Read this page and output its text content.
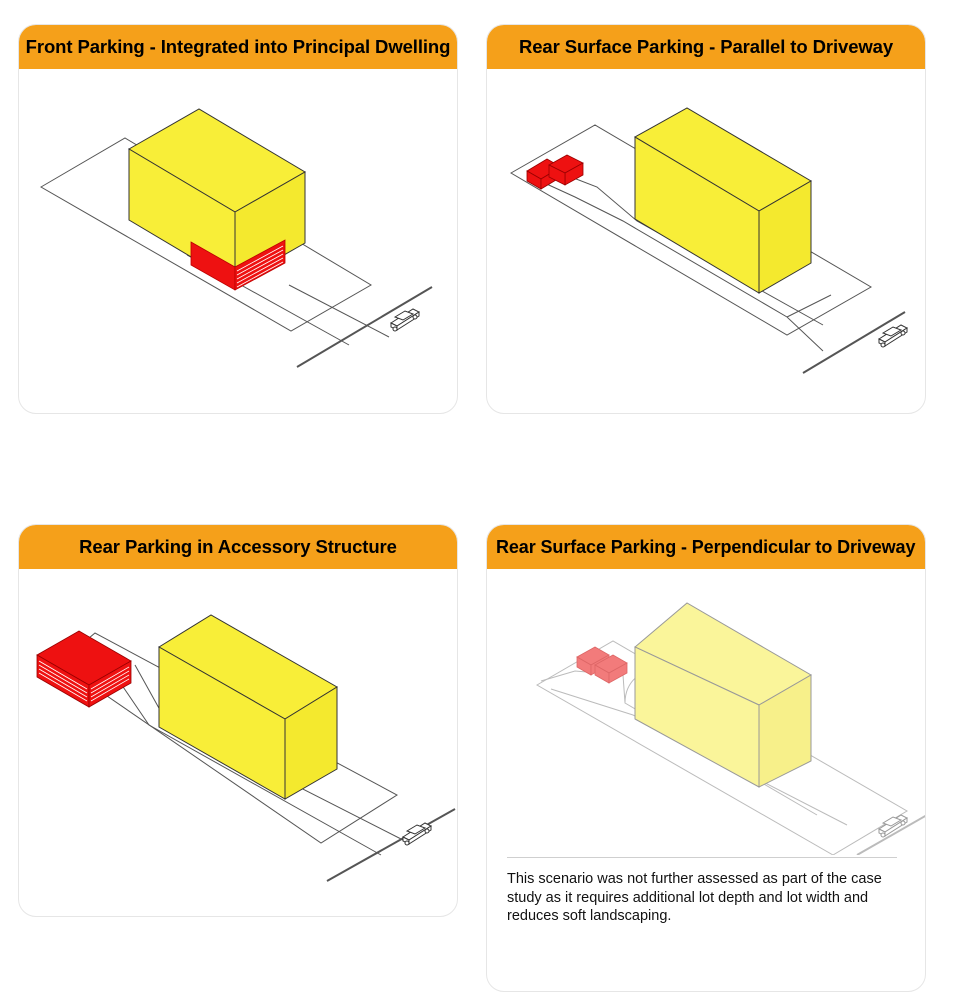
Front Parking - Integrated into Principal Dwelling	Rear Surface Parking - Parallel to Driveway
Rear Parking in Accessory Structure	Rear Surface Parking - Perpendicular to Driveway
This scenario was not further assessed as part of the case study as it requires additional lot depth and lot width and reduces soft landscaping.
